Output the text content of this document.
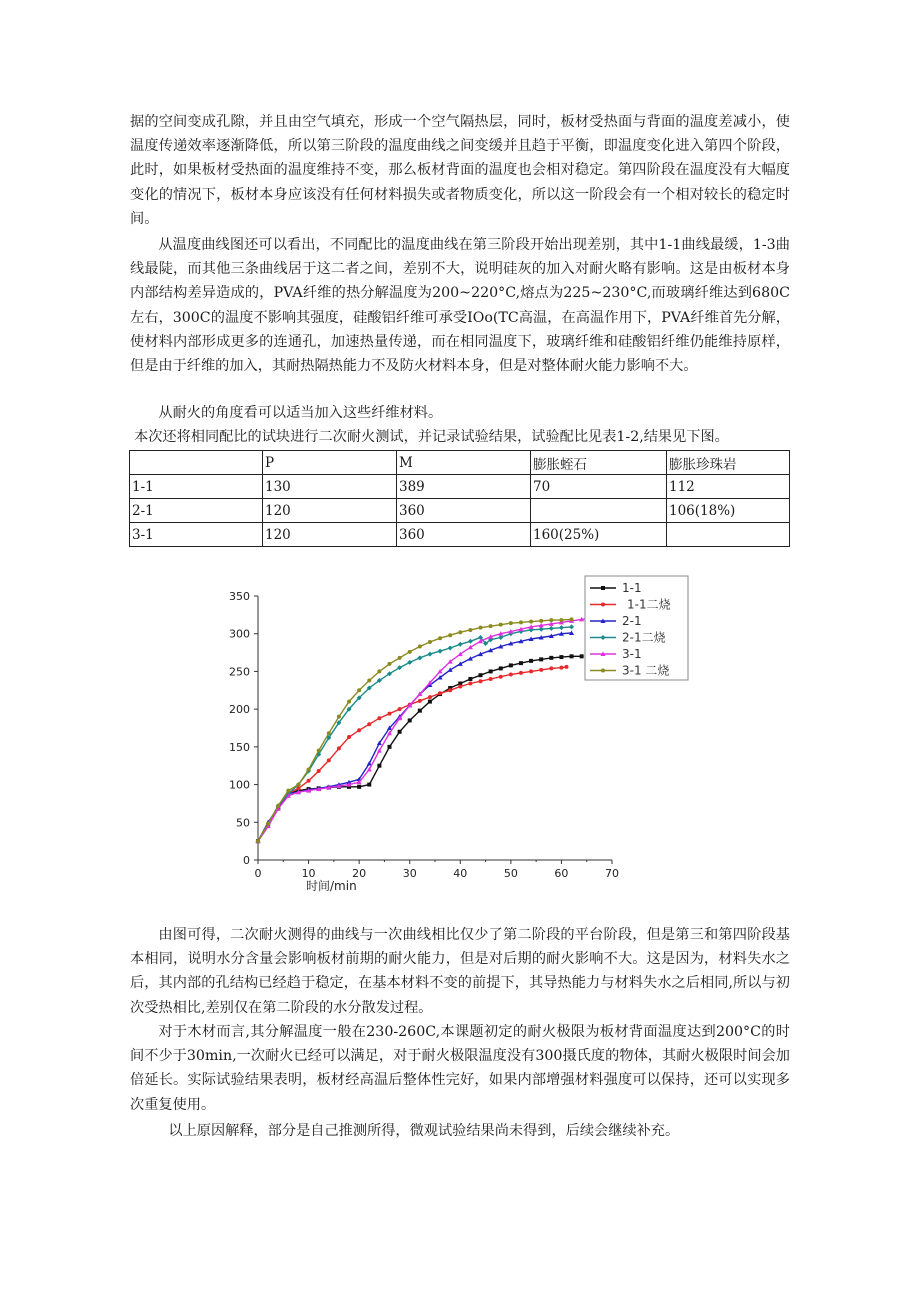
据的空间变成孔隙，并且由空气填充，形成一个空气隔热层，同时，板材受热面与背面的温度差减小，使温度传递效率逐渐降低，所以第三阶段的温度曲线之间变缓并且趋于平衡，即温度变化进入第四个阶段，此时，如果板材受热面的温度维持不变，那么板材背面的温度也会相对稳定。第四阶段在温度没有大幅度变化的情况下，板材本身应该没有任何材料损失或者物质变化，所以这一阶段会有一个相对较长的稳定时间。

从温度曲线图还可以看出，不同配比的温度曲线在第三阶段开始出现差别，其中1-1曲线最缓，1-3曲线最陡，而其他三条曲线居于这二者之间，差别不大，说明硅灰的加入对耐火略有影响。这是由板材本身内部结构差异造成的，PVA纤维的热分解温度为200~220°C,熔点为225~230°C,而玻璃纤维达到680C左右，300C的温度不影响其强度，硅酸铝纤维可承受IOo(TC高温，在高温作用下，PVA纤维首先分解，使材料内部形成更多的连通孔，加速热量传递，而在相同温度下，玻璃纤维和硅酸铝纤维仍能维持原样，但是由于纤维的加入，其耐热隔热能力不及防火材料本身，但是对整体耐火能力影响不大。

从耐火的角度看可以适当加入这些纤维材料。

本次还将相同配比的试块进行二次耐火测试，并记录试验结果，试验配比见表1-2,结果见下图。

	P	M	膨胀蛭石	膨胀珍珠岩
1-1	130	389	70	112
2-1	120	360		106(18%)
3-1	120	360	160(25%)	
0
50
100
150
200
250
300
350
0	10	20	30	40	50	60	70
时间/min
1-1
1-1二烧
2-1
2-1二烧
3-1
3-1 二烧

由图可得，二次耐火测得的曲线与一次曲线相比仅少了第二阶段的平台阶段，但是第三和第四阶段基本相同，说明水分含量会影响板材前期的耐火能力，但是对后期的耐火影响不大。这是因为，材料失水之后，其内部的孔结构已经趋于稳定，在基本材料不变的前提下，其导热能力与材料失水之后相同,所以与初次受热相比,差别仅在第二阶段的水分散发过程。

对于木材而言,其分解温度一般在230-260C,本课题初定的耐火极限为板材背面温度达到200°C的时间不少于30min,一次耐火已经可以满足，对于耐火极限温度没有300摄氏度的物体，其耐火极限时间会加倍延长。实际试验结果表明，板材经高温后整体性完好，如果内部增强材料强度可以保持，还可以实现多次重复使用。

以上原因解释，部分是自己推测所得，微观试验结果尚未得到，后续会继续补充。
